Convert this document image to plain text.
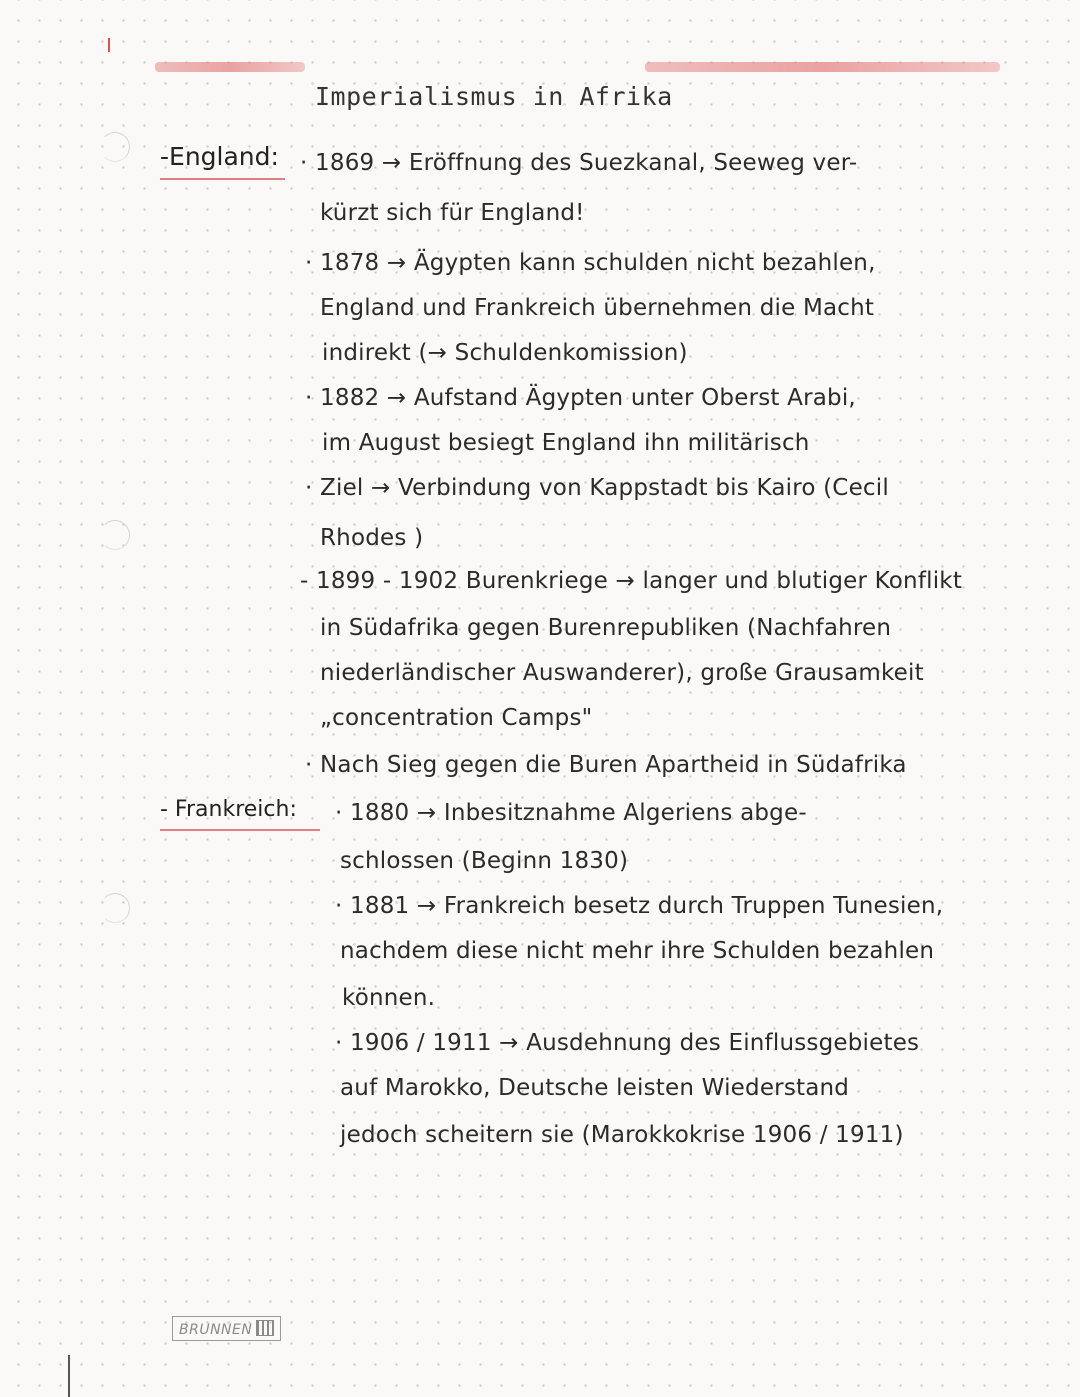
Imperialismus in Afrika
-England: · 1869 → Eröffnung des Suezkanal, Seeweg ver-
kürzt sich für England!
· 1878 → Ägypten kann schulden nicht bezahlen,
England und Frankreich übernehmen die Macht
indirekt (→ Schuldenkomission)
· 1882 → Aufstand Ägypten unter Oberst Arabi,
im August besiegt England ihn militärisch
· Ziel → Verbindung von Kappstadt bis Kairo (Cecil
Rhodes )
- 1899 - 1902 Burenkriege → langer und blutiger Konflikt
in Südafrika gegen Burenrepubliken (Nachfahren
niederländischer Auswanderer), große Grausamkeit
„concentration Camps"
· Nach Sieg gegen die Buren Apartheid in Südafrika
- Frankreich: · 1880 → Inbesitznahme Algeriens abge-
schlossen (Beginn 1830)
· 1881 → Frankreich besetz durch Truppen Tunesien,
nachdem diese nicht mehr ihre Schulden bezahlen
können.
· 1906 / 1911 → Ausdehnung des Einflussgebietes
auf Marokko, Deutsche leisten Wiederstand
jedoch scheitern sie (Marokkokrise 1906 / 1911)
BRUNNEN
